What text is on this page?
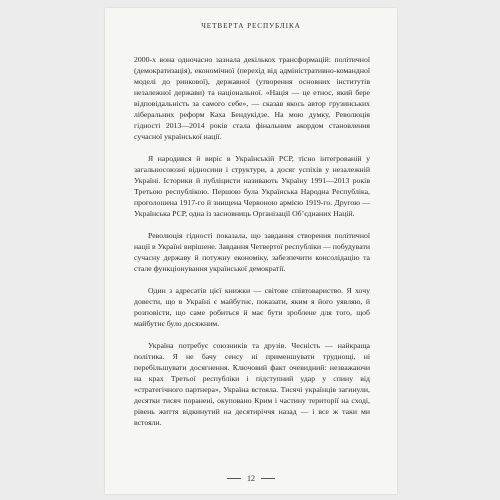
ЧЕТВЕРТА РЕСПУБЛІКА

2000-х вона одночасно зазнала декількох трансформацій: політичної (демократизація), економічної (перехід від адміністративно-командної моделі до ринкової), державної (утворення основних інститутів незалежної держави) та національної. «Нація — це етнос, який бере відповідальність за самого себе», — сказав якось автор грузинських ліберальних реформ Каха Бендукідзе. На мою думку, Революція гідності 2013—2014 років стала фінальним акордом становлення сучасної української нації.

Я народився й виріс в Українській РСР, тісно інтегрованій у загальносоюзні відносини і структури, а досяг успіхів у незалежній Україні. Історики й публіцисти називають Україну 1991—2013 років Третьою республікою. Першою була Українська Народна Республіка, проголошена 1917-го й знищена Червоною армією 1919-го. Другою — Українська РСР, одна із засновниць Організації Об’єднаних Націй.

Революція гідності показала, що завдання створення політичної нації в Україні вирішене. Завдання Четвертої республіки — побудувати сучасну державу й потужну економіку, забезпечити консолідацію та стале функціонування української демократії.

Один з адресатів цієї книжки — світове співтовариство. Я хочу довести, що в Україні є майбутнє, показати, яким я його уявляю, й розповісти, що саме робиться й має бути зроблене для того, щоб майбутнє було досяжним.

Україна потребує союзників та друзів. Чесність — найкраща політика. Я не бачу сенсу ні применшувати труднощі, ні перебільшувати досягнення. Ключовий факт очевидний: незважаючи на крах Третьої республіки і підступний удар у спину від «стратегічного партнера», Україна встояла. Тисячі українців загинули, десятки тисяч поранені, окуповано Крим і частину території на сході, рівень життя відкинутий на десятиріччя назад — і все ж таки ми встояли.

12
